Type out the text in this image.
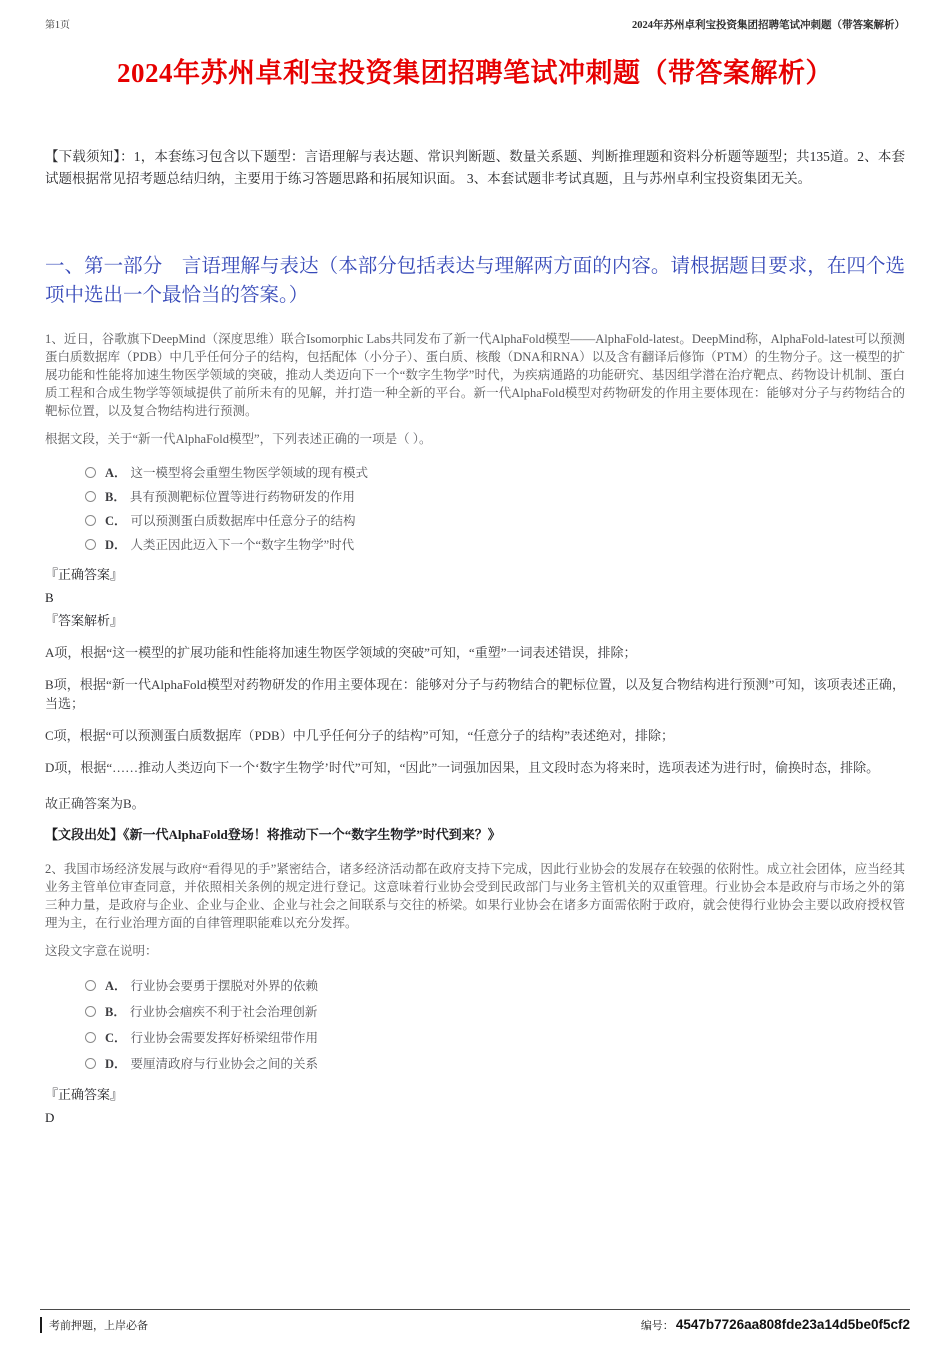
第1页	2024年苏州卓利宝投资集团招聘笔试冲刺题（带答案解析）
2024年苏州卓利宝投资集团招聘笔试冲刺题（带答案解析）

【下载须知】：1，本套练习包含以下题型：言语理解与表达题、常识判断题、数量关系题、判断推理题和资料分析题等题型；共135道。2、本套试题根据常见招考题总结归纳，主要用于练习答题思路和拓展知识面。 3、本套试题非考试真题，且与苏州卓利宝投资集团无关。

一、第一部分　言语理解与表达（本部分包括表达与理解两方面的内容。请根据题目要求，在四个选项中选出一个最恰当的答案。）

1、近日，谷歌旗下DeepMind（深度思维）联合Isomorphic Labs共同发布了新一代AlphaFold模型——AlphaFold-latest。DeepMind称，AlphaFold-latest可以预测蛋白质数据库（PDB）中几乎任何分子的结构，包括配体（小分子）、蛋白质、核酸（DNA和RNA）以及含有翻译后修饰（PTM）的生物分子。这一模型的扩展功能和性能将加速生物医学领域的突破，推动人类迈向下一个“数字生物学”时代，为疾病通路的功能研究、基因组学潜在治疗靶点、药物设计机制、蛋白质工程和合成生物学等领域提供了前所未有的见解，并打造一种全新的平台。新一代AlphaFold模型对药物研发的作用主要体现在：能够对分子与药物结合的靶标位置，以及复合物结构进行预测。

根据文段，关于“新一代AlphaFold模型”，下列表述正确的一项是（ ）。

A． 这一模型将会重塑生物医学领域的现有模式
B． 具有预测靶标位置等进行药物研发的作用
C． 可以预测蛋白质数据库中任意分子的结构
D． 人类正因此迈入下一个“数字生物学”时代

『正确答案』

B

『答案解析』

A项，根据“这一模型的扩展功能和性能将加速生物医学领域的突破”可知，“重塑”一词表述错误，排除；

B项，根据“新一代AlphaFold模型对药物研发的作用主要体现在：能够对分子与药物结合的靶标位置，以及复合物结构进行预测”可知，该项表述正确，当选；

C项，根据“可以预测蛋白质数据库（PDB）中几乎任何分子的结构”可知，“任意分子的结构”表述绝对，排除；

D项，根据“……推动人类迈向下一个‘数字生物学’时代”可知，“因此”一词强加因果，且文段时态为将来时，选项表述为进行时，偷换时态，排除。

故正确答案为B。

【文段出处】《新一代AlphaFold登场！将推动下一个“数字生物学”时代到来？》

2、我国市场经济发展与政府“看得见的手”紧密结合，诸多经济活动都在政府支持下完成，因此行业协会的发展存在较强的依附性。成立社会团体，应当经其业务主管单位审查同意，并依照相关条例的规定进行登记。这意味着行业协会受到民政部门与业务主管机关的双重管理。行业协会本是政府与市场之外的第三种力量，是政府与企业、企业与企业、企业与社会之间联系与交往的桥梁。如果行业协会在诸多方面需依附于政府，就会使得行业协会主要以政府授权管理为主，在行业治理方面的自律管理职能难以充分发挥。

这段文字意在说明：

A． 行业协会要勇于摆脱对外界的依赖
B． 行业协会痼疾不利于社会治理创新
C． 行业协会需要发挥好桥梁纽带作用
D． 要厘清政府与行业协会之间的关系

『正确答案』

D

考前押题，上岸必备	编号： 4547b7726aa808fde23a14d5be0f5cf2
